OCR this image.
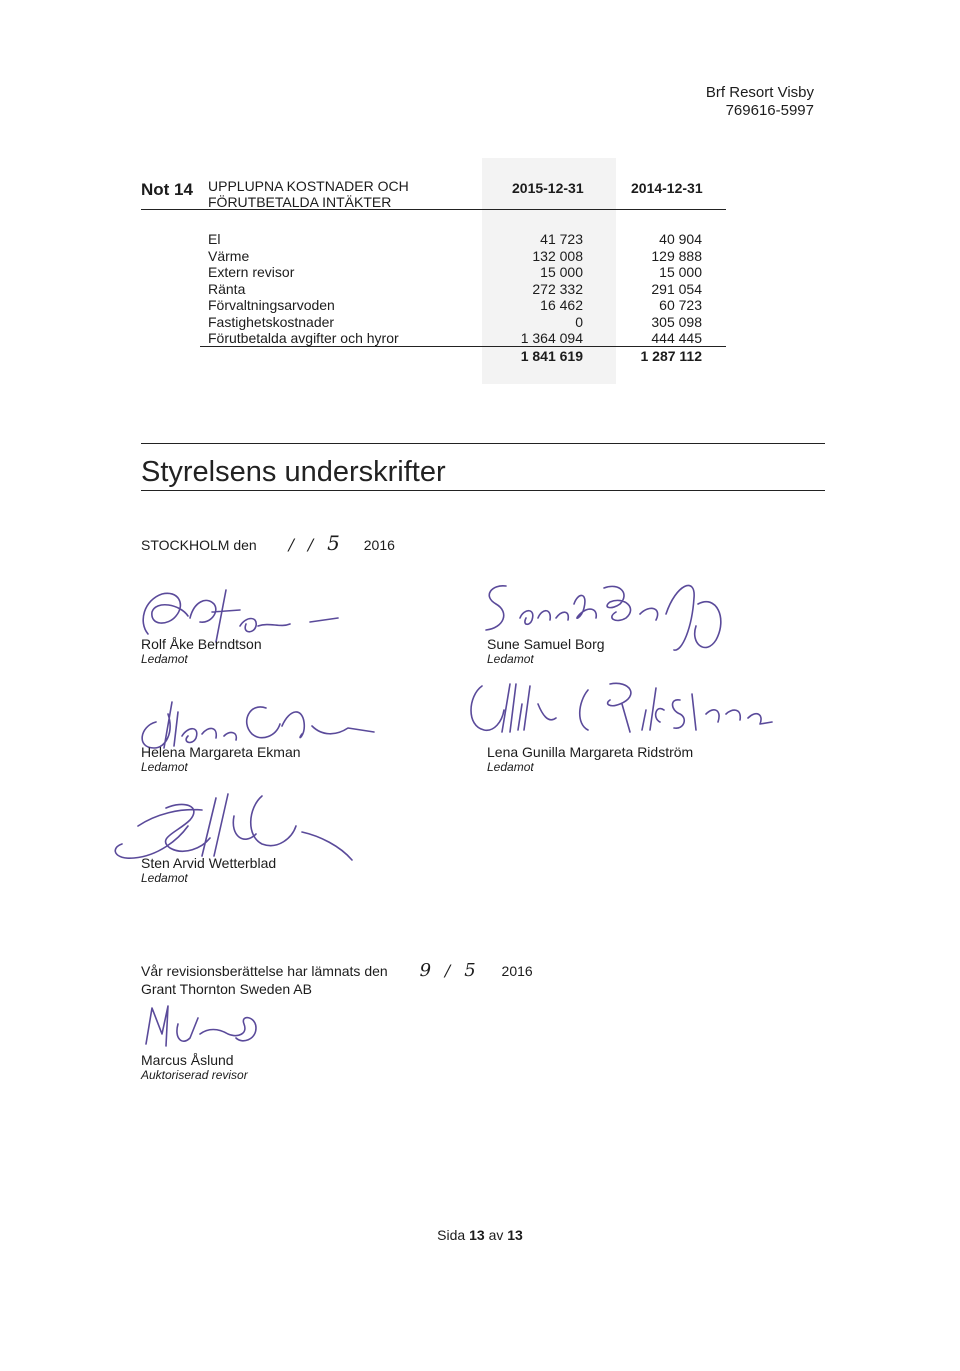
Brf Resort Visby
769616-5997
Not 14 UPPLUPNA KOSTNADER OCH
FÖRUTBETALDA INTÄKTER
2015-12-31	2014-12-31
El
Värme
Extern revisor
Ränta
Förvaltningsarvoden
Fastighetskostnader
Förutbetalda avgifter och hyror
41 723
132 008
15 000
272 332
16 462
0
1 364 094
40 904
129 888
15 000
291 054
60 723
305 098
444 445
1 841 619	1 287 112
Styrelsens underskrifter
STOCKHOLM den / / 5 2016
Rolf Åke Berndtson
Ledamot
Sune Samuel Borg
Ledamot
Helena Margareta Ekman
Ledamot
Lena Gunilla Margareta Ridström
Ledamot
Sten Arvid Wetterblad
Ledamot
Vår revisionsberättelse har lämnats den 9 / 5 2016
Grant Thornton Sweden AB
Marcus Åslund
Auktoriserad revisor
Sida 13 av 13
